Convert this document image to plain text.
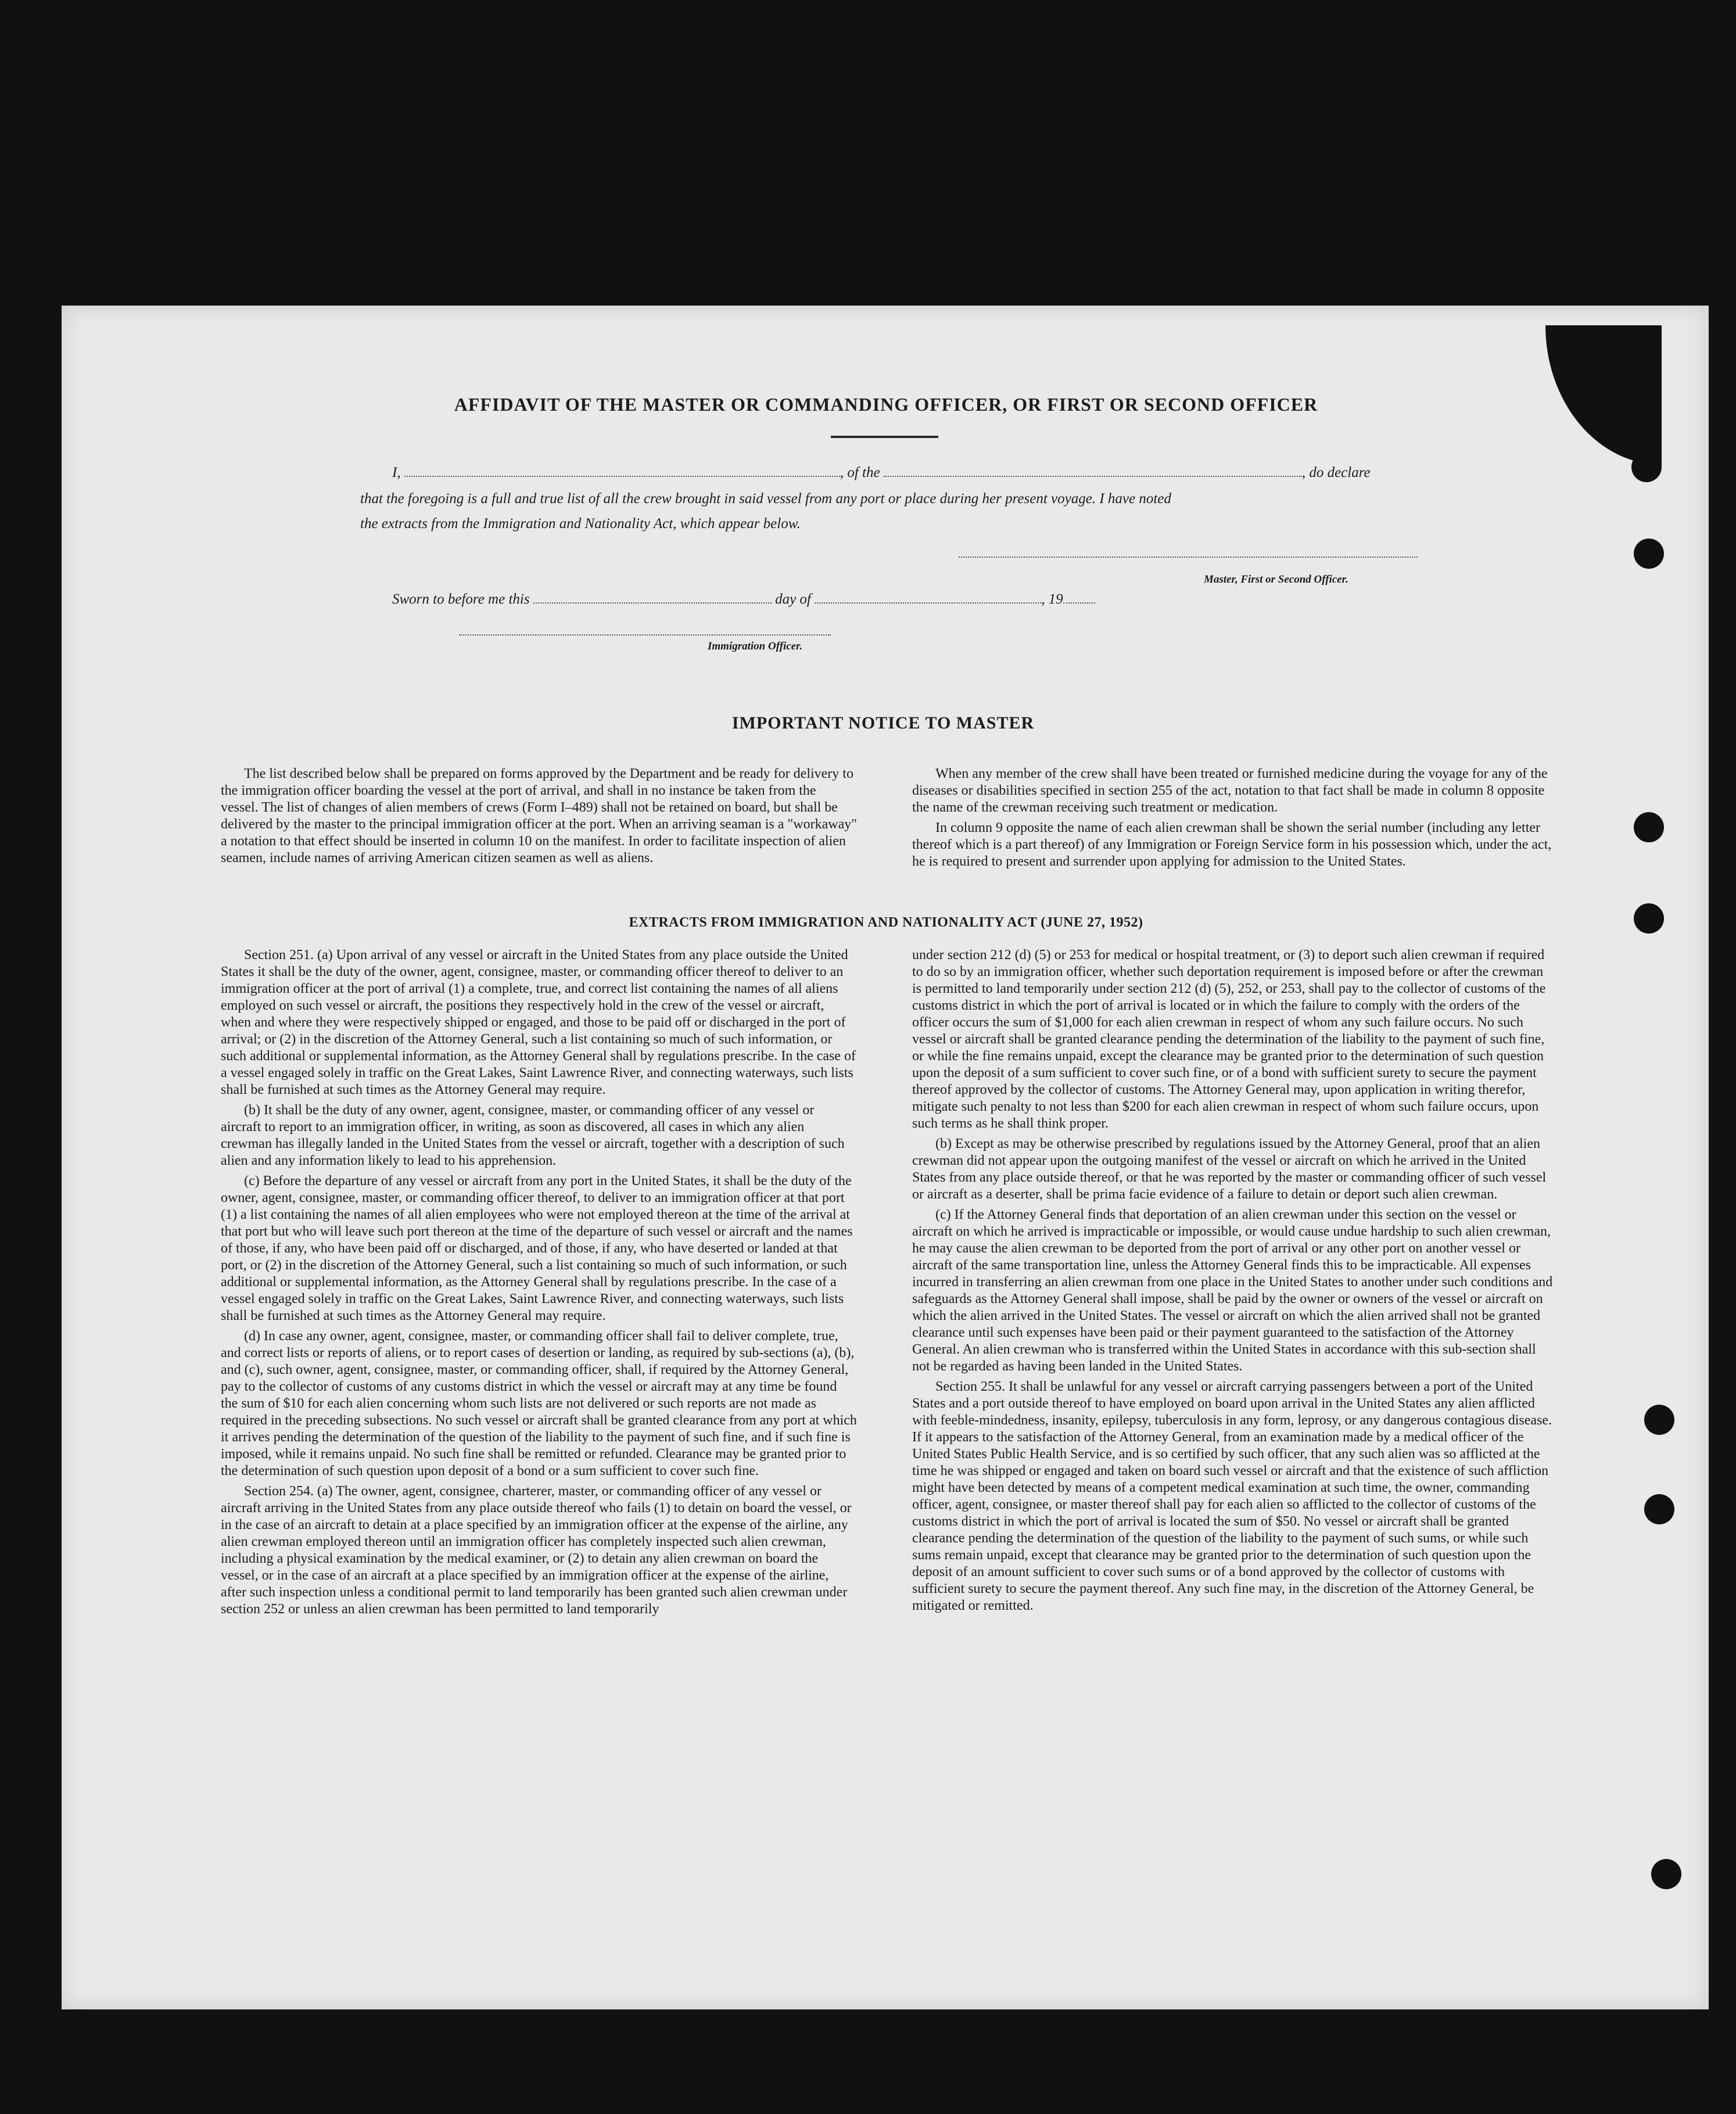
AFFIDAVIT OF THE MASTER OR COMMANDING OFFICER, OR FIRST OR SECOND OFFICER
I,	, of the	, do declare
that the foregoing is a full and true list of all the crew brought in said vessel from any port or place during her present voyage. I have noted
the extracts from the Immigration and Nationality Act, which appear below.
Master, First or Second Officer.
Sworn to before me this	day of	, 19
Immigration Officer.
IMPORTANT NOTICE TO MASTER

The list described below shall be prepared on forms approved by the Department and be ready for delivery to the immigration officer boarding the vessel at the port of arrival, and shall in no instance be taken from the vessel. The list of changes of alien members of crews (Form I–489) shall not be retained on board, but shall be delivered by the master to the principal immigration officer at the port. When an arriving seaman is a "workaway" a notation to that effect should be inserted in column 10 on the manifest. In order to facilitate inspection of alien seamen, include names of arriving American citizen seamen as well as aliens.

When any member of the crew shall have been treated or furnished medicine during the voyage for any of the diseases or disabilities specified in section 255 of the act, notation to that fact shall be made in column 8 opposite the name of the crewman receiving such treatment or medication.

In column 9 opposite the name of each alien crewman shall be shown the serial number (including any letter thereof which is a part thereof) of any Immigration or Foreign Service form in his possession which, under the act, he is required to present and surrender upon applying for admission to the United States.

EXTRACTS FROM IMMIGRATION AND NATIONALITY ACT (JUNE 27, 1952)

Section 251. (a) Upon arrival of any vessel or aircraft in the United States from any place outside the United States it shall be the duty of the owner, agent, consignee, master, or commanding officer thereof to deliver to an immigration officer at the port of arrival (1) a complete, true, and correct list containing the names of all aliens employed on such vessel or aircraft, the positions they respectively hold in the crew of the vessel or aircraft, when and where they were respectively shipped or engaged, and those to be paid off or discharged in the port of arrival; or (2) in the discretion of the Attorney General, such a list containing so much of such information, or such additional or supplemental information, as the Attorney General shall by regulations prescribe. In the case of a vessel engaged solely in traffic on the Great Lakes, Saint Lawrence River, and connecting waterways, such lists shall be furnished at such times as the Attorney General may require.

(b) It shall be the duty of any owner, agent, consignee, master, or commanding officer of any vessel or aircraft to report to an immigration officer, in writing, as soon as discovered, all cases in which any alien crewman has illegally landed in the United States from the vessel or aircraft, together with a description of such alien and any information likely to lead to his apprehension.

(c) Before the departure of any vessel or aircraft from any port in the United States, it shall be the duty of the owner, agent, consignee, master, or commanding officer thereof, to deliver to an immigration officer at that port (1) a list containing the names of all alien employees who were not employed thereon at the time of the arrival at that port but who will leave such port thereon at the time of the departure of such vessel or aircraft and the names of those, if any, who have been paid off or discharged, and of those, if any, who have deserted or landed at that port, or (2) in the discretion of the Attorney General, such a list containing so much of such information, or such additional or supplemental information, as the Attorney General shall by regulations prescribe. In the case of a vessel engaged solely in traffic on the Great Lakes, Saint Lawrence River, and connecting waterways, such lists shall be furnished at such times as the Attorney General may require.

(d) In case any owner, agent, consignee, master, or commanding officer shall fail to deliver complete, true, and correct lists or reports of aliens, or to report cases of desertion or landing, as required by sub-sections (a), (b), and (c), such owner, agent, consignee, master, or commanding officer, shall, if required by the Attorney General, pay to the collector of customs of any customs district in which the vessel or aircraft may at any time be found the sum of $10 for each alien concerning whom such lists are not delivered or such reports are not made as required in the preceding subsections. No such vessel or aircraft shall be granted clearance from any port at which it arrives pending the determination of the question of the liability to the payment of such fine, and if such fine is imposed, while it remains unpaid. No such fine shall be remitted or refunded. Clearance may be granted prior to the determination of such question upon deposit of a bond or a sum sufficient to cover such fine.

Section 254. (a) The owner, agent, consignee, charterer, master, or commanding officer of any vessel or aircraft arriving in the United States from any place outside thereof who fails (1) to detain on board the vessel, or in the case of an aircraft to detain at a place specified by an immigration officer at the expense of the airline, any alien crewman employed thereon until an immigration officer has completely inspected such alien crewman, including a physical examination by the medical examiner, or (2) to detain any alien crewman on board the vessel, or in the case of an aircraft at a place specified by an immigration officer at the expense of the airline, after such inspection unless a conditional permit to land temporarily has been granted such alien crewman under section 252 or unless an alien crewman has been permitted to land temporarily

under section 212 (d) (5) or 253 for medical or hospital treatment, or (3) to deport such alien crewman if required to do so by an immigration officer, whether such deportation requirement is imposed before or after the crewman is permitted to land temporarily under section 212 (d) (5), 252, or 253, shall pay to the collector of customs of the customs district in which the port of arrival is located or in which the failure to comply with the orders of the officer occurs the sum of $1,000 for each alien crewman in respect of whom any such failure occurs. No such vessel or aircraft shall be granted clearance pending the determination of the liability to the payment of such fine, or while the fine remains unpaid, except the clearance may be granted prior to the determination of such question upon the deposit of a sum sufficient to cover such fine, or of a bond with sufficient surety to secure the payment thereof approved by the collector of customs. The Attorney General may, upon application in writing therefor, mitigate such penalty to not less than $200 for each alien crewman in respect of whom such failure occurs, upon such terms as he shall think proper.

(b) Except as may be otherwise prescribed by regulations issued by the Attorney General, proof that an alien crewman did not appear upon the outgoing manifest of the vessel or aircraft on which he arrived in the United States from any place outside thereof, or that he was reported by the master or commanding officer of such vessel or aircraft as a deserter, shall be prima facie evidence of a failure to detain or deport such alien crewman.

(c) If the Attorney General finds that deportation of an alien crewman under this section on the vessel or aircraft on which he arrived is impracticable or impossible, or would cause undue hardship to such alien crewman, he may cause the alien crewman to be deported from the port of arrival or any other port on another vessel or aircraft of the same transportation line, unless the Attorney General finds this to be impracticable. All expenses incurred in transferring an alien crewman from one place in the United States to another under such conditions and safeguards as the Attorney General shall impose, shall be paid by the owner or owners of the vessel or aircraft on which the alien arrived in the United States. The vessel or aircraft on which the alien arrived shall not be granted clearance until such expenses have been paid or their payment guaranteed to the satisfaction of the Attorney General. An alien crewman who is transferred within the United States in accordance with this sub-section shall not be regarded as having been landed in the United States.

Section 255. It shall be unlawful for any vessel or aircraft carrying passengers between a port of the United States and a port outside thereof to have employed on board upon arrival in the United States any alien afflicted with feeble-mindedness, insanity, epilepsy, tuberculosis in any form, leprosy, or any dangerous contagious disease. If it appears to the satisfaction of the Attorney General, from an examination made by a medical officer of the United States Public Health Service, and is so certified by such officer, that any such alien was so afflicted at the time he was shipped or engaged and taken on board such vessel or aircraft and that the existence of such affliction might have been detected by means of a competent medical examination at such time, the owner, commanding officer, agent, consignee, or master thereof shall pay for each alien so afflicted to the collector of customs of the customs district in which the port of arrival is located the sum of $50. No vessel or aircraft shall be granted clearance pending the determination of the question of the liability to the payment of such sums, or while such sums remain unpaid, except that clearance may be granted prior to the determination of such question upon the deposit of an amount sufficient to cover such sums or of a bond approved by the collector of customs with sufficient surety to secure the payment thereof. Any such fine may, in the discretion of the Attorney General, be mitigated or remitted.
